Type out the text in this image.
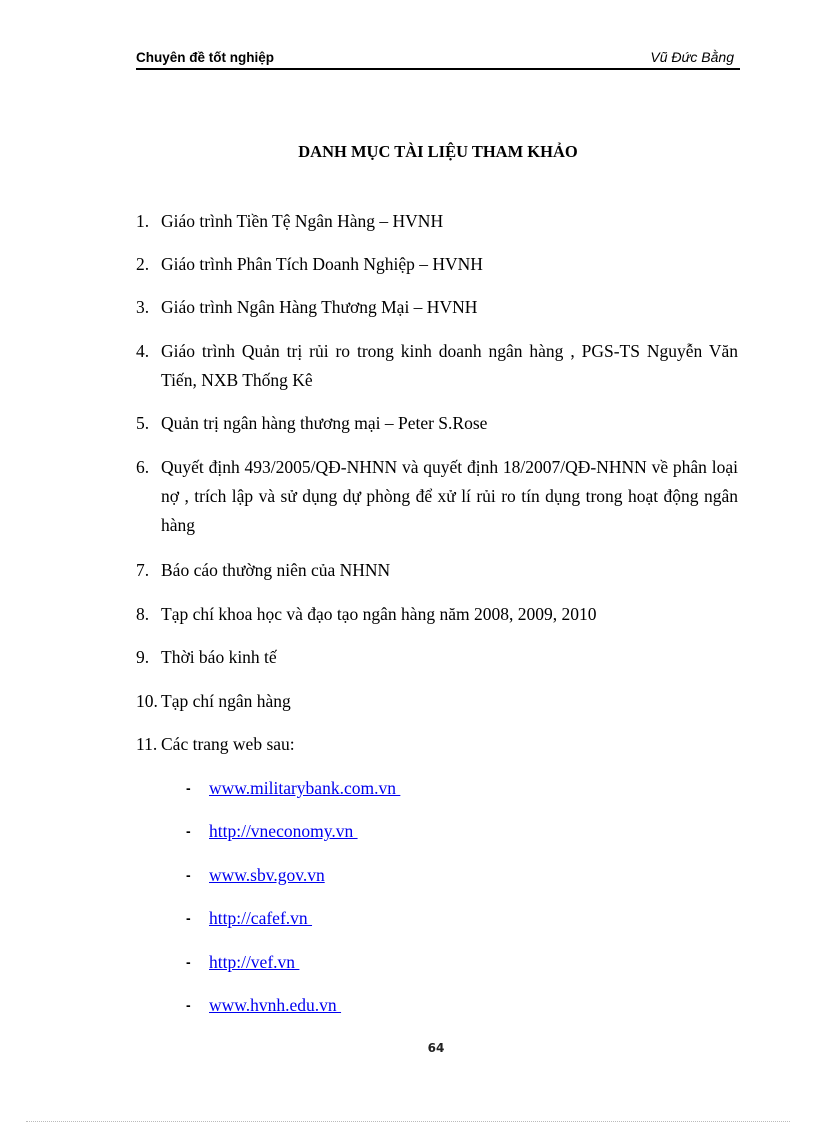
Chuyên đề tốt nghiệp	Vũ Đức Bằng
DANH MỤC TÀI LIỆU THAM KHẢO
1. Giáo trình Tiền Tệ Ngân Hàng – HVNH
2. Giáo trình Phân Tích Doanh Nghiệp – HVNH
3. Giáo trình Ngân Hàng Thương Mại – HVNH
4. Giáo trình Quản trị rủi ro trong kinh doanh ngân hàng , PGS-TS Nguyễn Văn Tiến, NXB Thống Kê
5. Quản trị ngân hàng thương mại – Peter S.Rose
6. Quyết định 493/2005/QĐ-NHNN và quyết định 18/2007/QĐ-NHNN về phân loại nợ , trích lập và sử dụng dự phòng để xử lí rủi ro tín dụng trong hoạt động ngân hàng
7. Báo cáo thường niên của NHNN
8. Tạp chí khoa học và đạo tạo ngân hàng năm 2008, 2009, 2010
9. Thời báo kinh tế
10. Tạp chí ngân hàng
11. Các trang web sau:
- www.militarybank.com.vn
- http://vneconomy.vn
- www.sbv.gov.vn
- http://cafef.vn
- http://vef.vn
- www.hvnh.edu.vn
64
